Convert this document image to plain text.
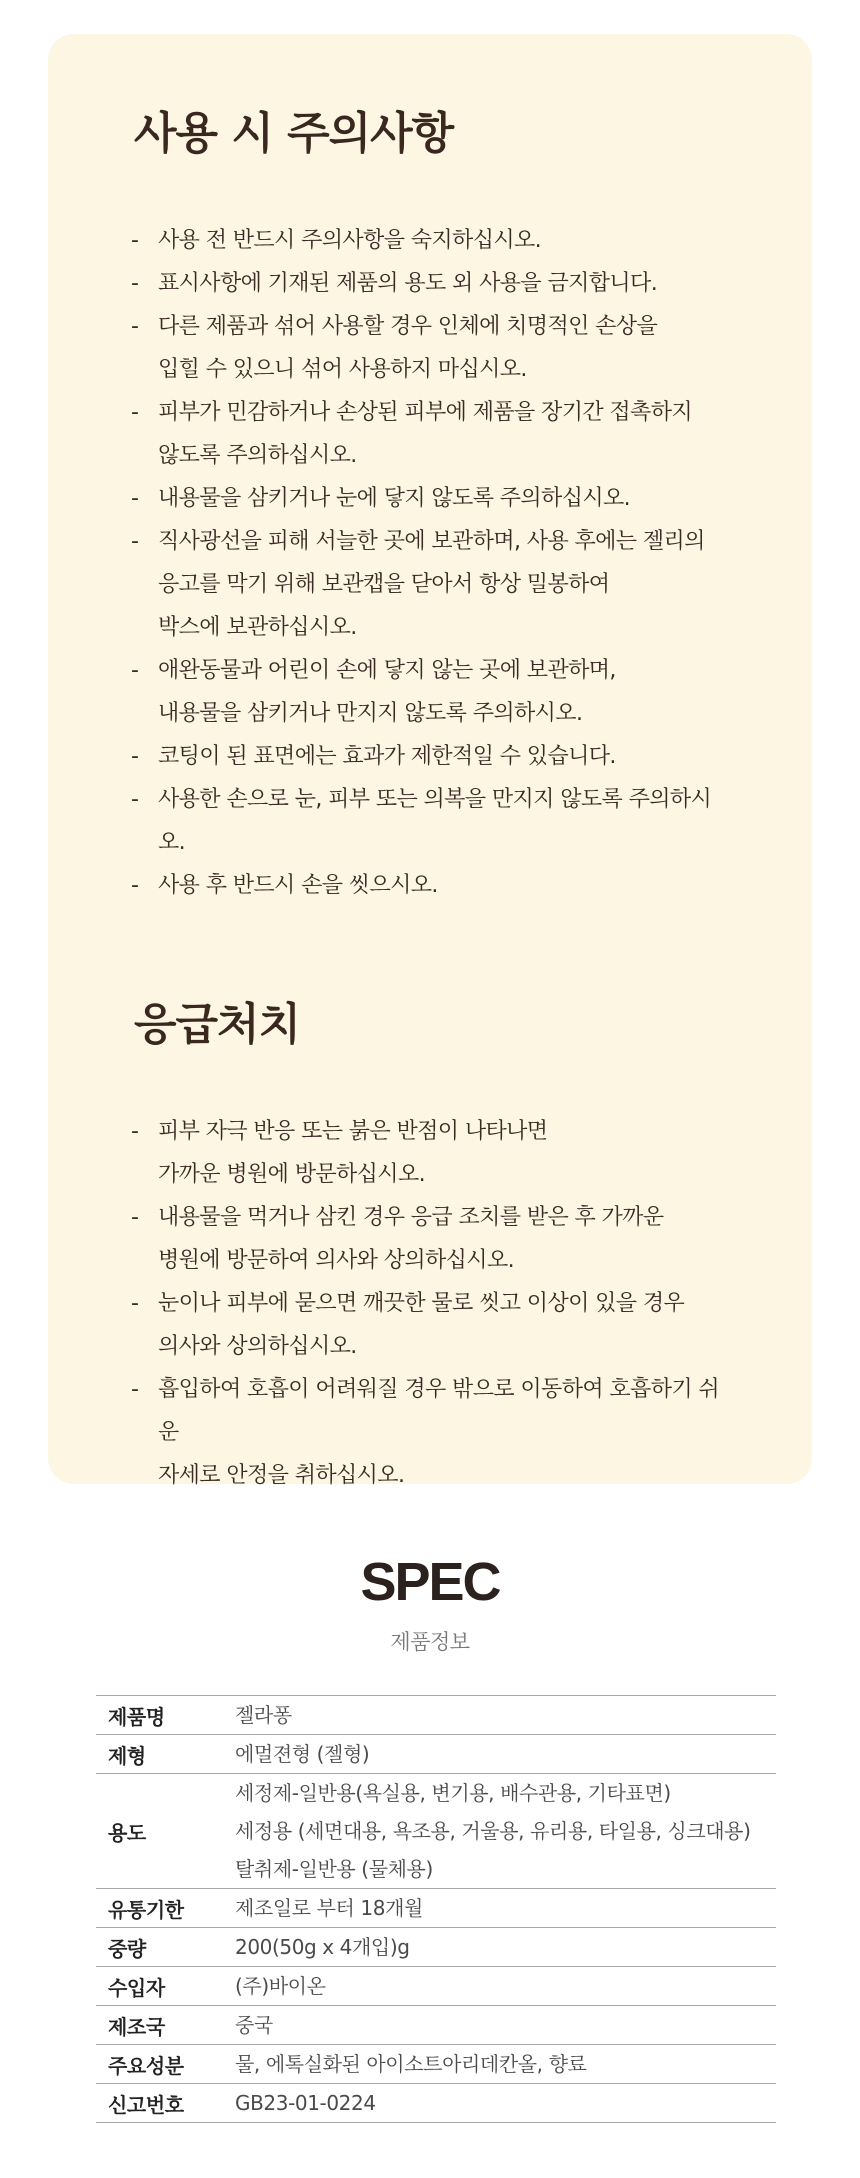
사용 시 주의사항
- 사용 전 반드시 주의사항을 숙지하십시오.
- 표시사항에 기재된 제품의 용도 외 사용을 금지합니다.
- 다른 제품과 섞어 사용할 경우 인체에 치명적인 손상을
입힐 수 있으니 섞어 사용하지 마십시오.
- 피부가 민감하거나 손상된 피부에 제품을 장기간 접촉하지
않도록 주의하십시오.
- 내용물을 삼키거나 눈에 닿지 않도록 주의하십시오.
- 직사광선을 피해 서늘한 곳에 보관하며, 사용 후에는 젤리의
응고를 막기 위해 보관캡을 닫아서 항상 밀봉하여
박스에 보관하십시오.
- 애완동물과 어린이 손에 닿지 않는 곳에 보관하며,
내용물을 삼키거나 만지지 않도록 주의하시오.
- 코팅이 된 표면에는 효과가 제한적일 수 있습니다.
- 사용한 손으로 눈, 피부 또는 의복을 만지지 않도록 주의하시오.
- 사용 후 반드시 손을 씻으시오.
응급처치
- 피부 자극 반응 또는 붉은 반점이 나타나면
가까운 병원에 방문하십시오.
- 내용물을 먹거나 삼킨 경우 응급 조치를 받은 후 가까운
병원에 방문하여 의사와 상의하십시오.
- 눈이나 피부에 묻으면 깨끗한 물로 씻고 이상이 있을 경우
의사와 상의하십시오.
- 흡입하여 호흡이 어려워질 경우 밖으로 이동하여 호흡하기 쉬운
자세로 안정을 취하십시오.
SPEC
제품정보
제품명	젤라퐁

제형	에멀젼형 (젤형)

용도	세정제-일반용(욕실용, 변기용, 배수관용, 기타표면)
세정용 (세면대용, 욕조용, 거울용, 유리용, 타일용, 싱크대용)
탈취제-일반용 (물체용)

유통기한	제조일로 부터 18개월

중량	200(50g x 4개입)g

수입자	(주)바이온

제조국	중국

주요성분	물, 에톡실화된 아이소트아리데칸올, 향료

신고번호	GB23-01-0224
